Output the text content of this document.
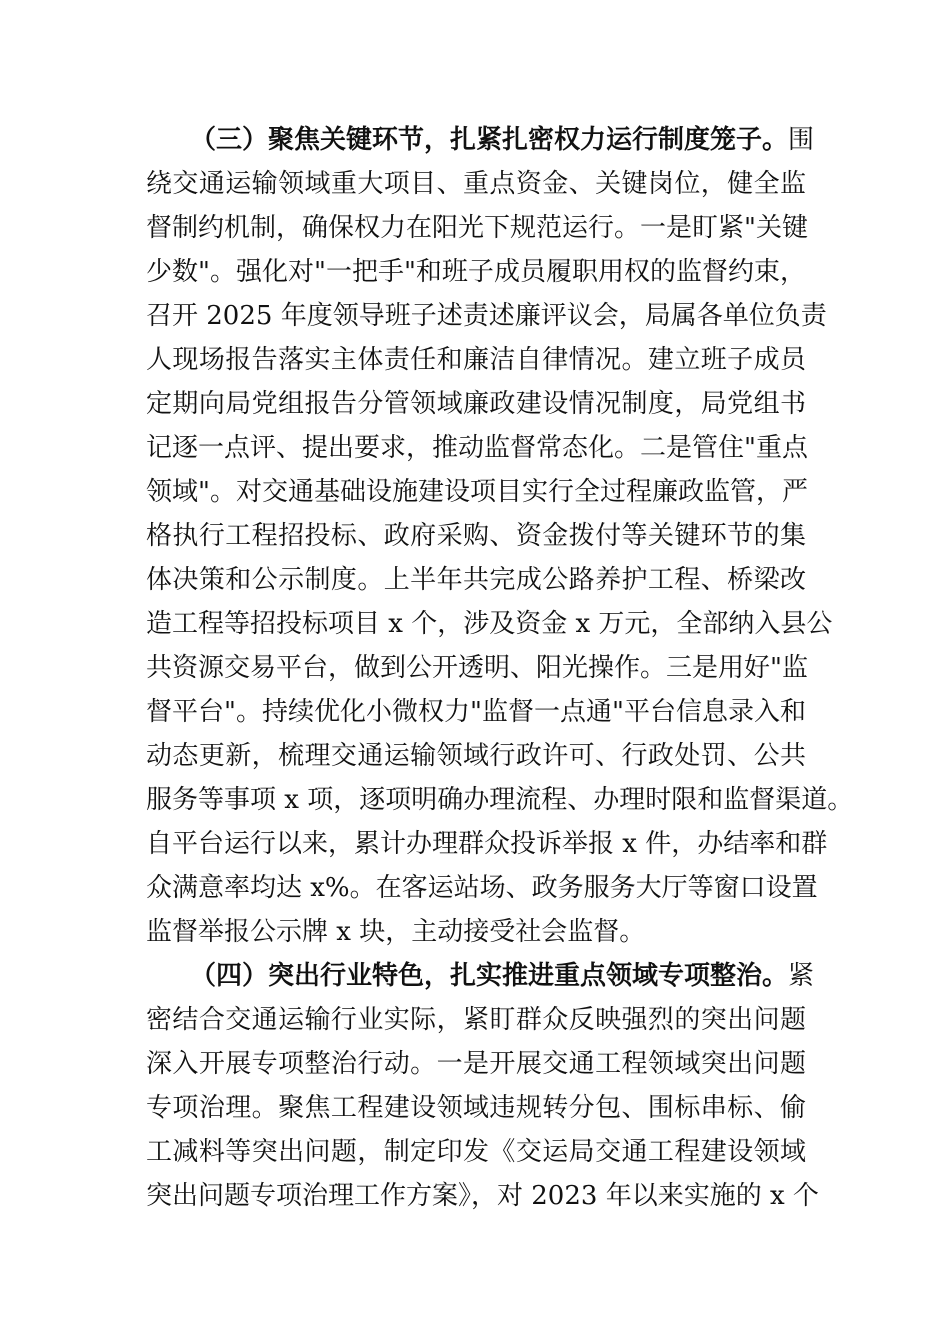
（三）聚焦关键环节，扎紧扎密权力运行制度笼子。围
绕交通运输领域重大项目、重点资金、关键岗位，健全监
督制约机制，确保权力在阳光下规范运行。一是盯紧"关键
少数"。强化对"一把手"和班子成员履职用权的监督约束，
召开 2025 年度领导班子述责述廉评议会，局属各单位负责
人现场报告落实主体责任和廉洁自律情况。建立班子成员
定期向局党组报告分管领域廉政建设情况制度，局党组书
记逐一点评、提出要求，推动监督常态化。二是管住"重点
领域"。对交通基础设施建设项目实行全过程廉政监管，严
格执行工程招投标、政府采购、资金拨付等关键环节的集
体决策和公示制度。上半年共完成公路养护工程、桥梁改
造工程等招投标项目 x 个，涉及资金 x 万元，全部纳入县公
共资源交易平台，做到公开透明、阳光操作。三是用好"监
督平台"。持续优化小微权力"监督一点通"平台信息录入和
动态更新，梳理交通运输领域行政许可、行政处罚、公共
服务等事项 x 项，逐项明确办理流程、办理时限和监督渠道。
自平台运行以来，累计办理群众投诉举报 x 件，办结率和群
众满意率均达 x%。在客运站场、政务服务大厅等窗口设置
监督举报公示牌 x 块，主动接受社会监督。
（四）突出行业特色，扎实推进重点领域专项整治。紧
密结合交通运输行业实际，紧盯群众反映强烈的突出问题
深入开展专项整治行动。一是开展交通工程领域突出问题
专项治理。聚焦工程建设领域违规转分包、围标串标、偷
工减料等突出问题，制定印发《交运局交通工程建设领域
突出问题专项治理工作方案》，对 2023 年以来实施的 x 个
